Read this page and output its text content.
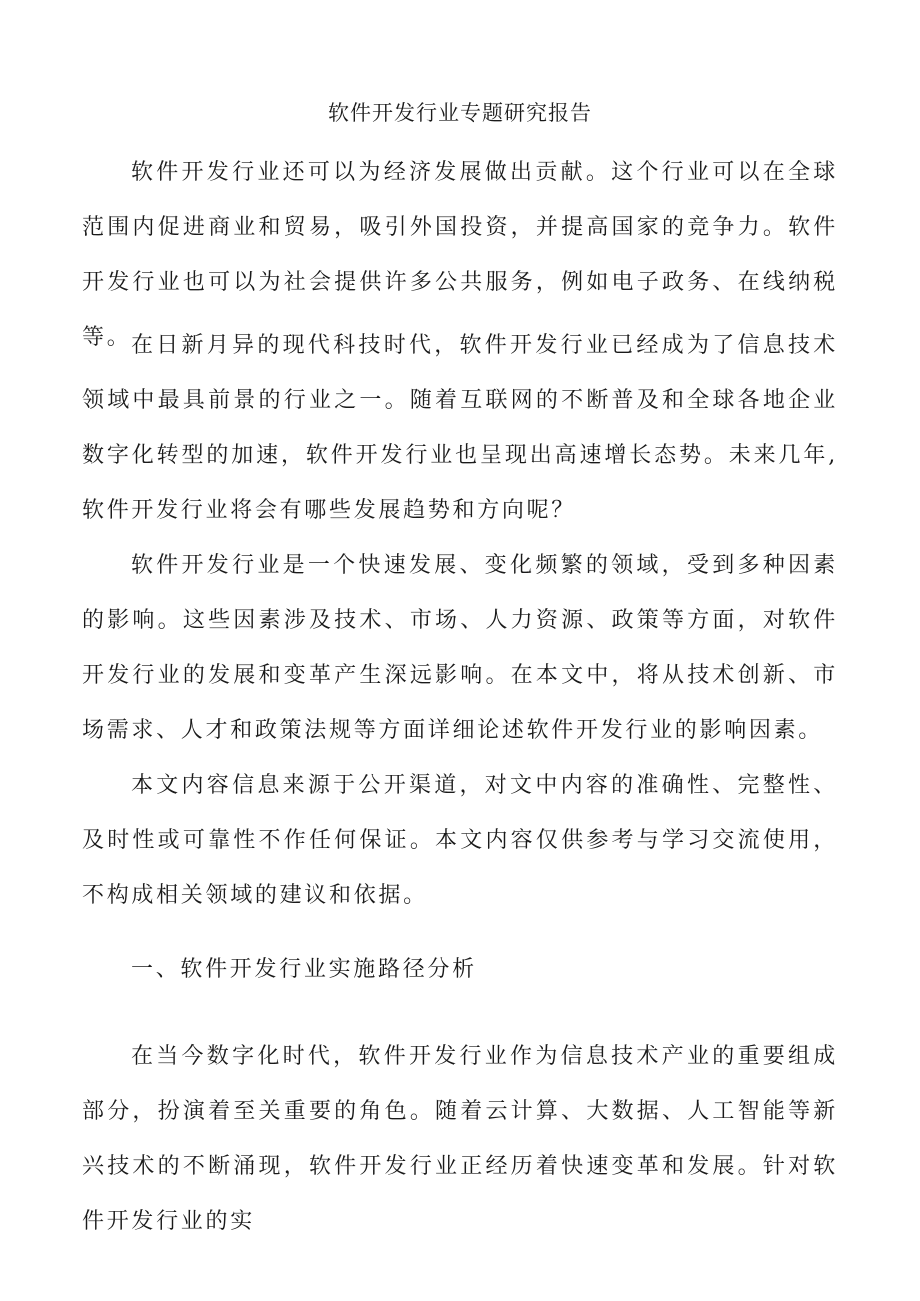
软件开发行业专题研究报告

软件开发行业还可以为经济发展做出贡献。这个行业可以在全球范围内促进商业和贸易，吸引外国投资，并提高国家的竞争力。软件开发行业也可以为社会提供许多公共服务，例如电子政务、在线纳税等。 在日新月异的现代科技时代，软件开发行业已经成为了信息技术领域中最具前景的行业之一。随着互联网的不断普及和全球各地企业数字化转型的加速，软件开发行业也呈现出高速增长态势。未来几年,软件开发行业将会有哪些发展趋势和方向呢？

软件开发行业是一个快速发展、变化频繁的领域，受到多种因素的影响。这些因素涉及技术、市场、人力资源、政策等方面，对软件开发行业的发展和变革产生深远影响。在本文中，将从技术创新、市场需求、人才和政策法规等方面详细论述软件开发行业的影响因素。

本文内容信息来源于公开渠道，对文中内容的准确性、完整性、及时性或可靠性不作任何保证。本文内容仅供参考与学习交流使用，不构成相关领域的建议和依据。

一、软件开发行业实施路径分析

在当今数字化时代，软件开发行业作为信息技术产业的重要组成部分，扮演着至关重要的角色。随着云计算、大数据、人工智能等新兴技术的不断涌现，软件开发行业正经历着快速变革和发展。针对软件开发行业的实
